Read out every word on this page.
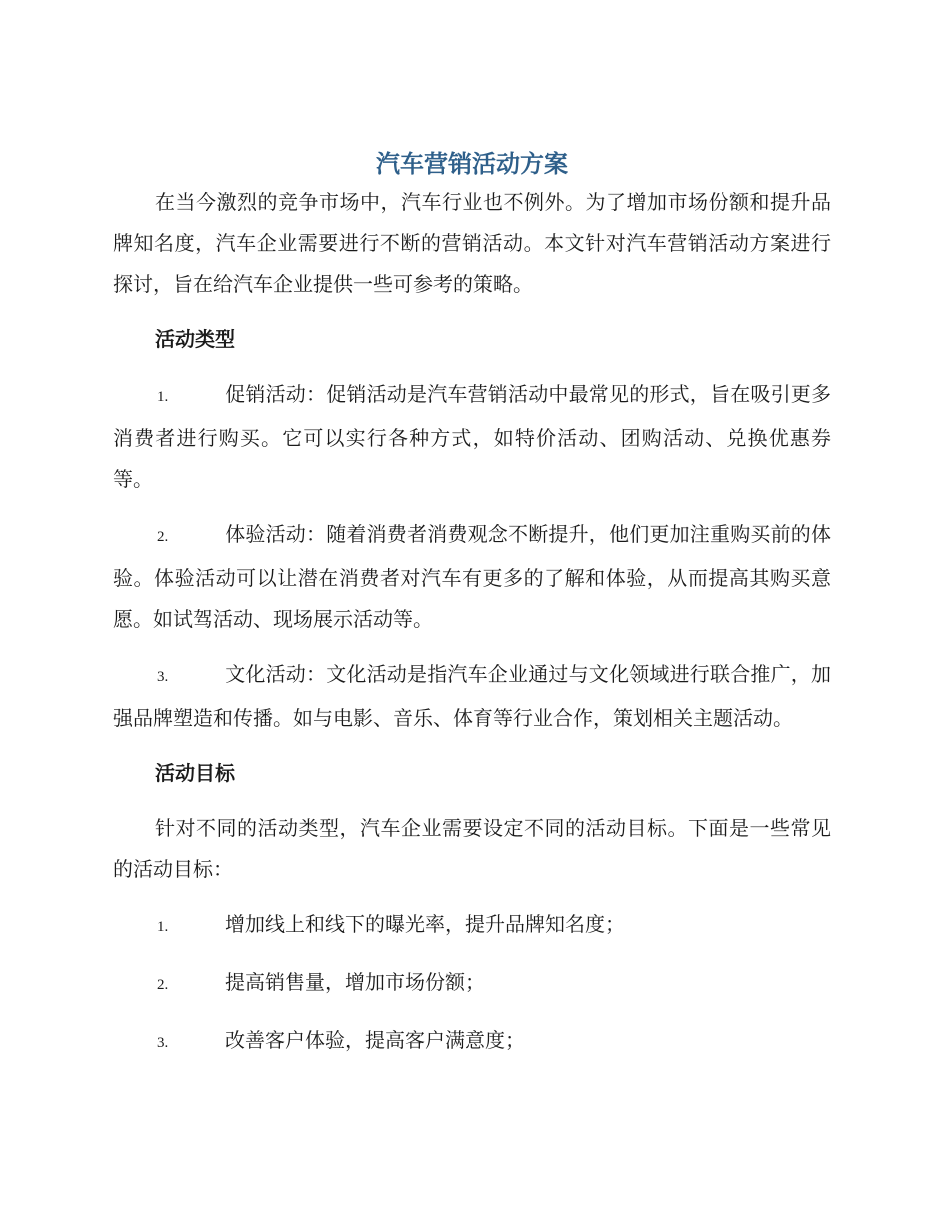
汽车营销活动方案

在当今激烈的竞争市场中，汽车行业也不例外。为了增加市场份额和提升品牌知名度，汽车企业需要进行不断的营销活动。本文针对汽车营销活动方案进行探讨，旨在给汽车企业提供一些可参考的策略。

活动类型

1.	促销活动：促销活动是汽车营销活动中最常见的形式，旨在吸引更多消费者进行购买。它可以实行各种方式，如特价活动、团购活动、兑换优惠券等。

2.	体验活动：随着消费者消费观念不断提升，他们更加注重购买前的体验。体验活动可以让潜在消费者对汽车有更多的了解和体验，从而提高其购买意愿。如试驾活动、现场展示活动等。

3.	文化活动：文化活动是指汽车企业通过与文化领域进行联合推广，加强品牌塑造和传播。如与电影、音乐、体育等行业合作，策划相关主题活动。

活动目标

针对不同的活动类型，汽车企业需要设定不同的活动目标。下面是一些常见的活动目标：

1.	增加线上和线下的曝光率，提升品牌知名度；

2.	提高销售量，增加市场份额；

3.	改善客户体验，提高客户满意度；
